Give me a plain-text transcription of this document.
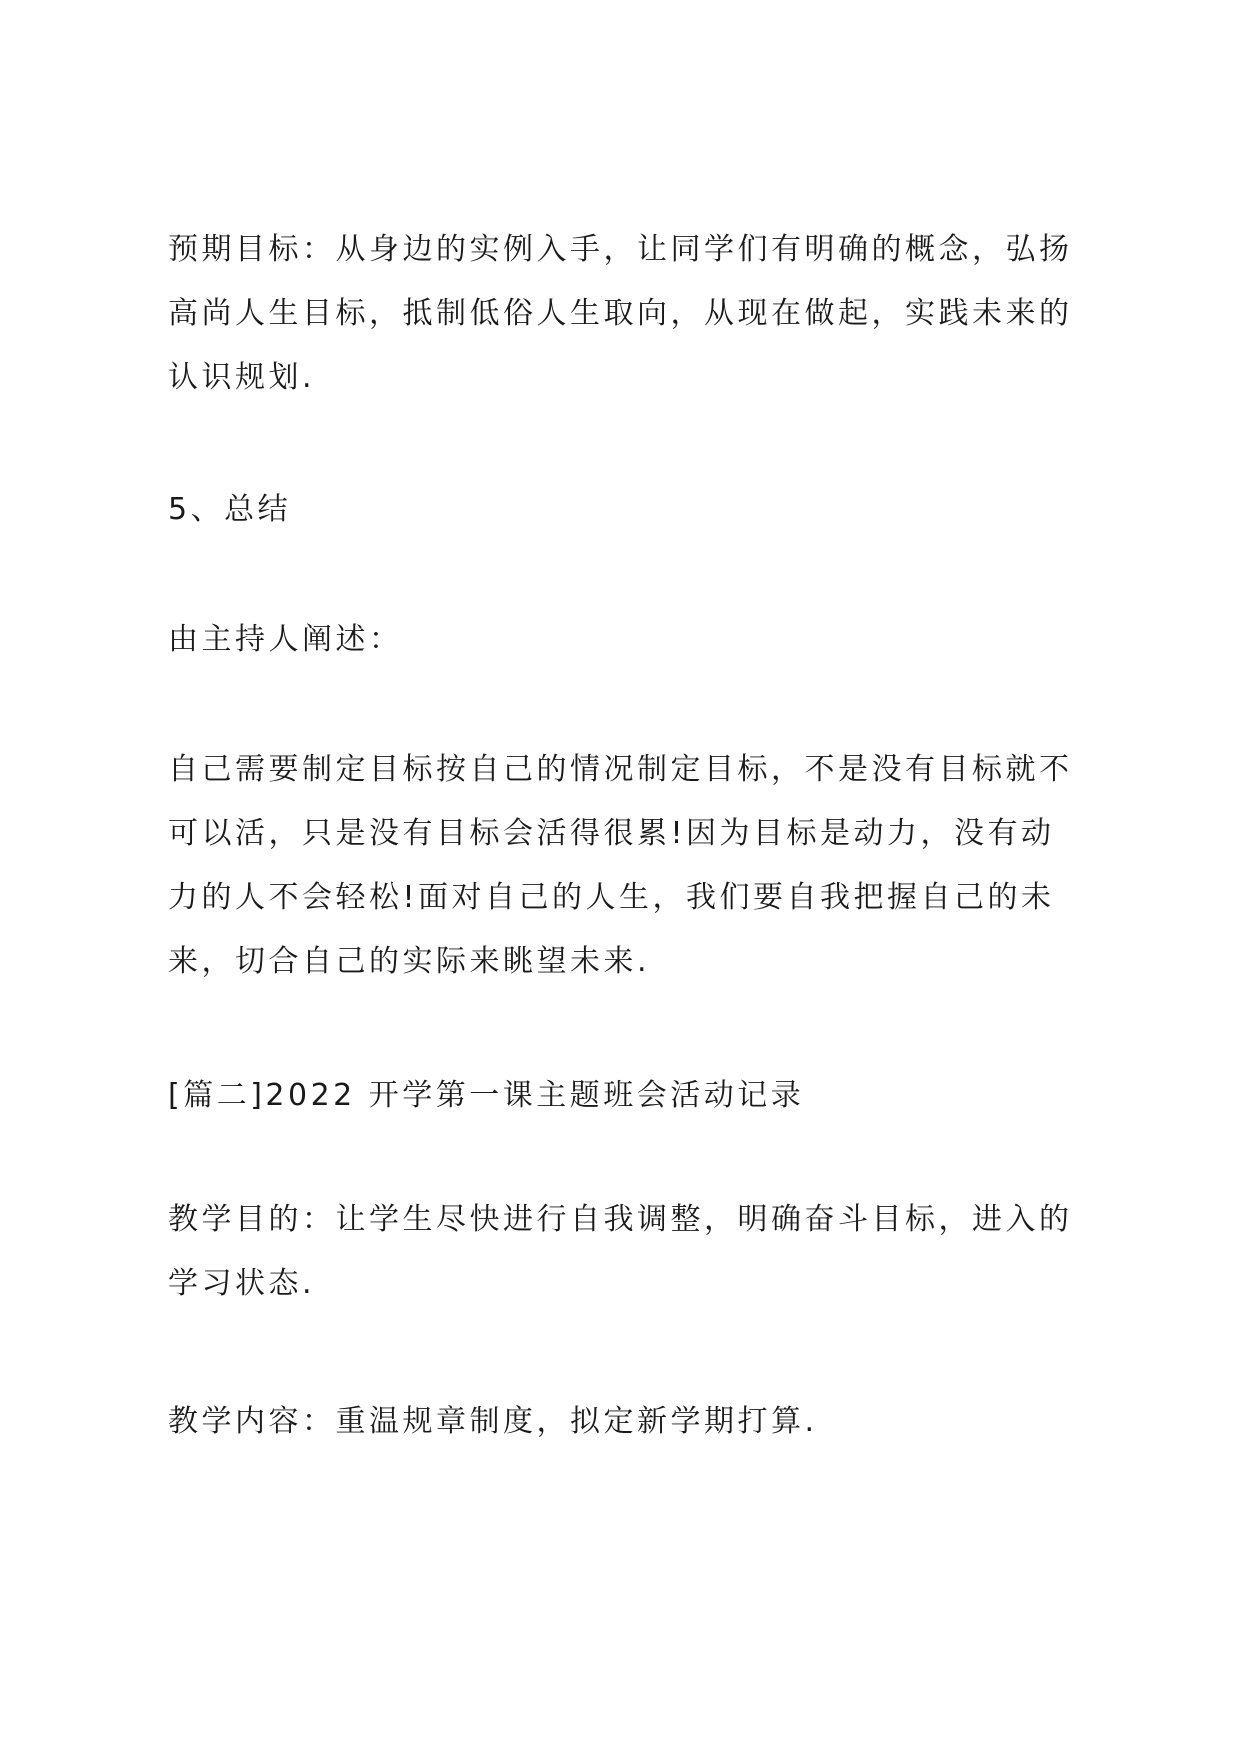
预期目标：从身边的实例入手，让同学们有明确的概念，弘扬高尚人生目标，抵制低俗人生取向，从现在做起，实践未来的认识规划.

5、总结

由主持人阐述：

自己需要制定目标按自己的情况制定目标，不是没有目标就不可以活，只是没有目标会活得很累!因为目标是动力，没有动力的人不会轻松!面对自己的人生，我们要自我把握自己的未来，切合自己的实际来眺望未来.

[篇二]2022 开学第一课主题班会活动记录

教学目的：让学生尽快进行自我调整，明确奋斗目标，进入的学习状态.

教学内容：重温规章制度，拟定新学期打算.
